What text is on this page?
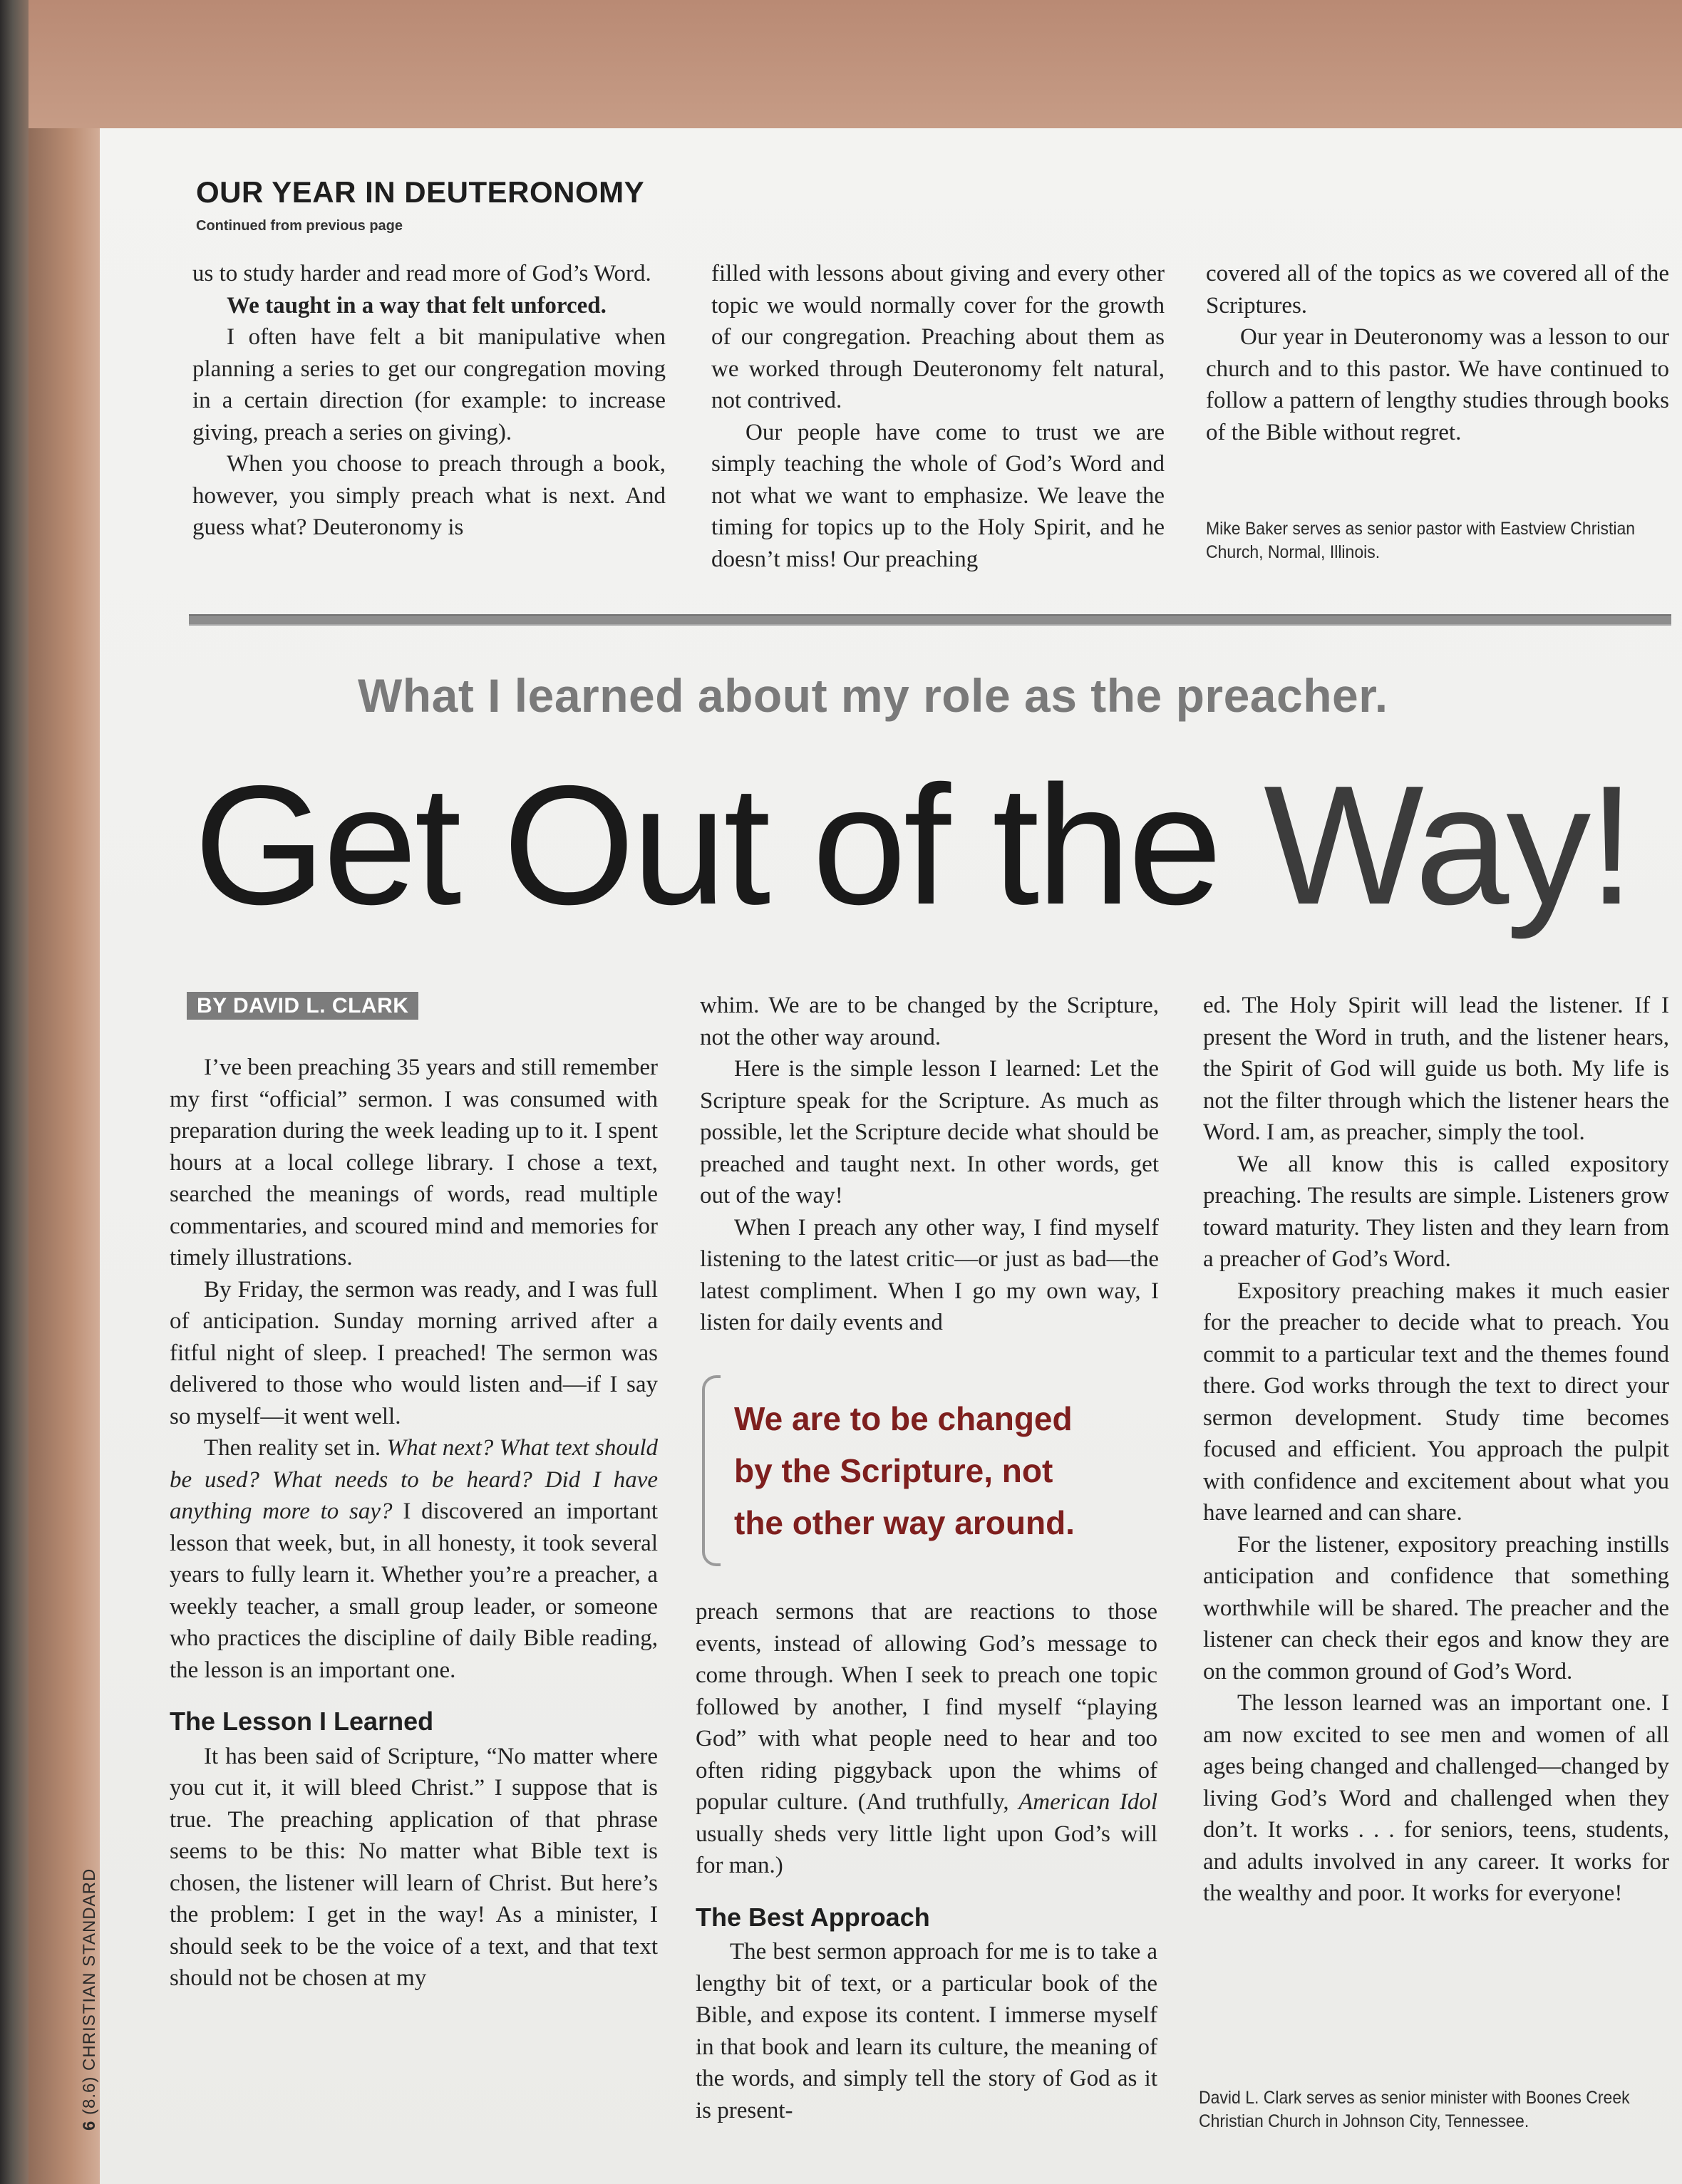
OUR YEAR IN DEUTERONOMY
Continued from previous page

us to study harder and read more of God’s Word.

We taught in a way that felt unforced.

I often have felt a bit manipulative when planning a series to get our congregation moving in a certain direction (for example: to increase giving, preach a series on giving).

When you choose to preach through a book, however, you simply preach what is next. And guess what? Deuteronomy is

filled with lessons about giving and every other topic we would normally cover for the growth of our congregation. Preaching about them as we worked through Deuteronomy felt natural, not contrived.

Our people have come to trust we are simply teaching the whole of God’s Word and not what we want to emphasize. We leave the timing for topics up to the Holy Spirit, and he doesn’t miss! Our preaching

covered all of the topics as we covered all of the Scriptures.

Our year in Deuteronomy was a lesson to our church and to this pastor. We have continued to follow a pattern of lengthy studies through books of the Bible without regret.

Mike Baker serves as senior pastor with Eastview Christian Church, Normal, Illinois.
What I learned about my role as the preacher.
Get Out of the Way!
BY DAVID L. CLARK

I’ve been preaching 35 years and still remember my first “official” sermon. I was consumed with preparation during the week leading up to it. I spent hours at a local college library. I chose a text, searched the meanings of words, read multiple commentaries, and scoured mind and memories for timely illustrations.

By Friday, the sermon was ready, and I was full of anticipation. Sunday morning arrived after a fitful night of sleep. I preached! The sermon was delivered to those who would listen and—if I say so myself—it went well.

Then reality set in. What next? What text should be used? What needs to be heard? Did I have anything more to say? I discovered an important lesson that week, but, in all honesty, it took several years to fully learn it. Whether you’re a preacher, a weekly teacher, a small group leader, or someone who practices the discipline of daily Bible reading, the lesson is an important one.

The Lesson I Learned

It has been said of Scripture, “No matter where you cut it, it will bleed Christ.” I suppose that is true. The preaching application of that phrase seems to be this: No matter what Bible text is chosen, the listener will learn of Christ. But here’s the problem: I get in the way! As a minister, I should seek to be the voice of a text, and that text should not be chosen at my

whim. We are to be changed by the Scripture, not the other way around.

Here is the simple lesson I learned: Let the Scripture speak for the Scripture. As much as possible, let the Scripture decide what should be preached and taught next. In other words, get out of the way!

When I preach any other way, I find myself listening to the latest critic—or just as bad—the latest compliment. When I go my own way, I listen for daily events and

We are to be changed
by the Scripture, not
the other way around.

preach sermons that are reactions to those events, instead of allowing God’s message to come through. When I seek to preach one topic followed by another, I find myself “playing God” with what people need to hear and too often riding piggyback upon the whims of popular culture. (And truthfully, American Idol usually sheds very little light upon God’s will for man.)

The Best Approach

The best sermon approach for me is to take a lengthy bit of text, or a particular book of the Bible, and expose its content. I immerse myself in that book and learn its culture, the meaning of the words, and simply tell the story of God as it is present-

ed. The Holy Spirit will lead the listener. If I present the Word in truth, and the listener hears, the Spirit of God will guide us both. My life is not the filter through which the listener hears the Word. I am, as preacher, simply the tool.

We all know this is called expository preaching. The results are simple. Listeners grow toward maturity. They listen and they learn from a preacher of God’s Word.

Expository preaching makes it much easier for the preacher to decide what to preach. You commit to a particular text and the themes found there. God works through the text to direct your sermon development. Study time becomes focused and efficient. You approach the pulpit with confidence and excitement about what you have learned and can share.

For the listener, expository preaching instills anticipation and confidence that something worthwhile will be shared. The preacher and the listener can check their egos and know they are on the common ground of God’s Word.

The lesson learned was an important one. I am now excited to see men and women of all ages being changed and challenged—changed by living God’s Word and challenged when they don’t. It works . . . for seniors, teens, students, and adults involved in any career. It works for the wealthy and poor. It works for everyone!

David L. Clark serves as senior minister with Boones Creek Christian Church in Johnson City, Tennessee.
6 (8.6) CHRISTIAN STANDARD
